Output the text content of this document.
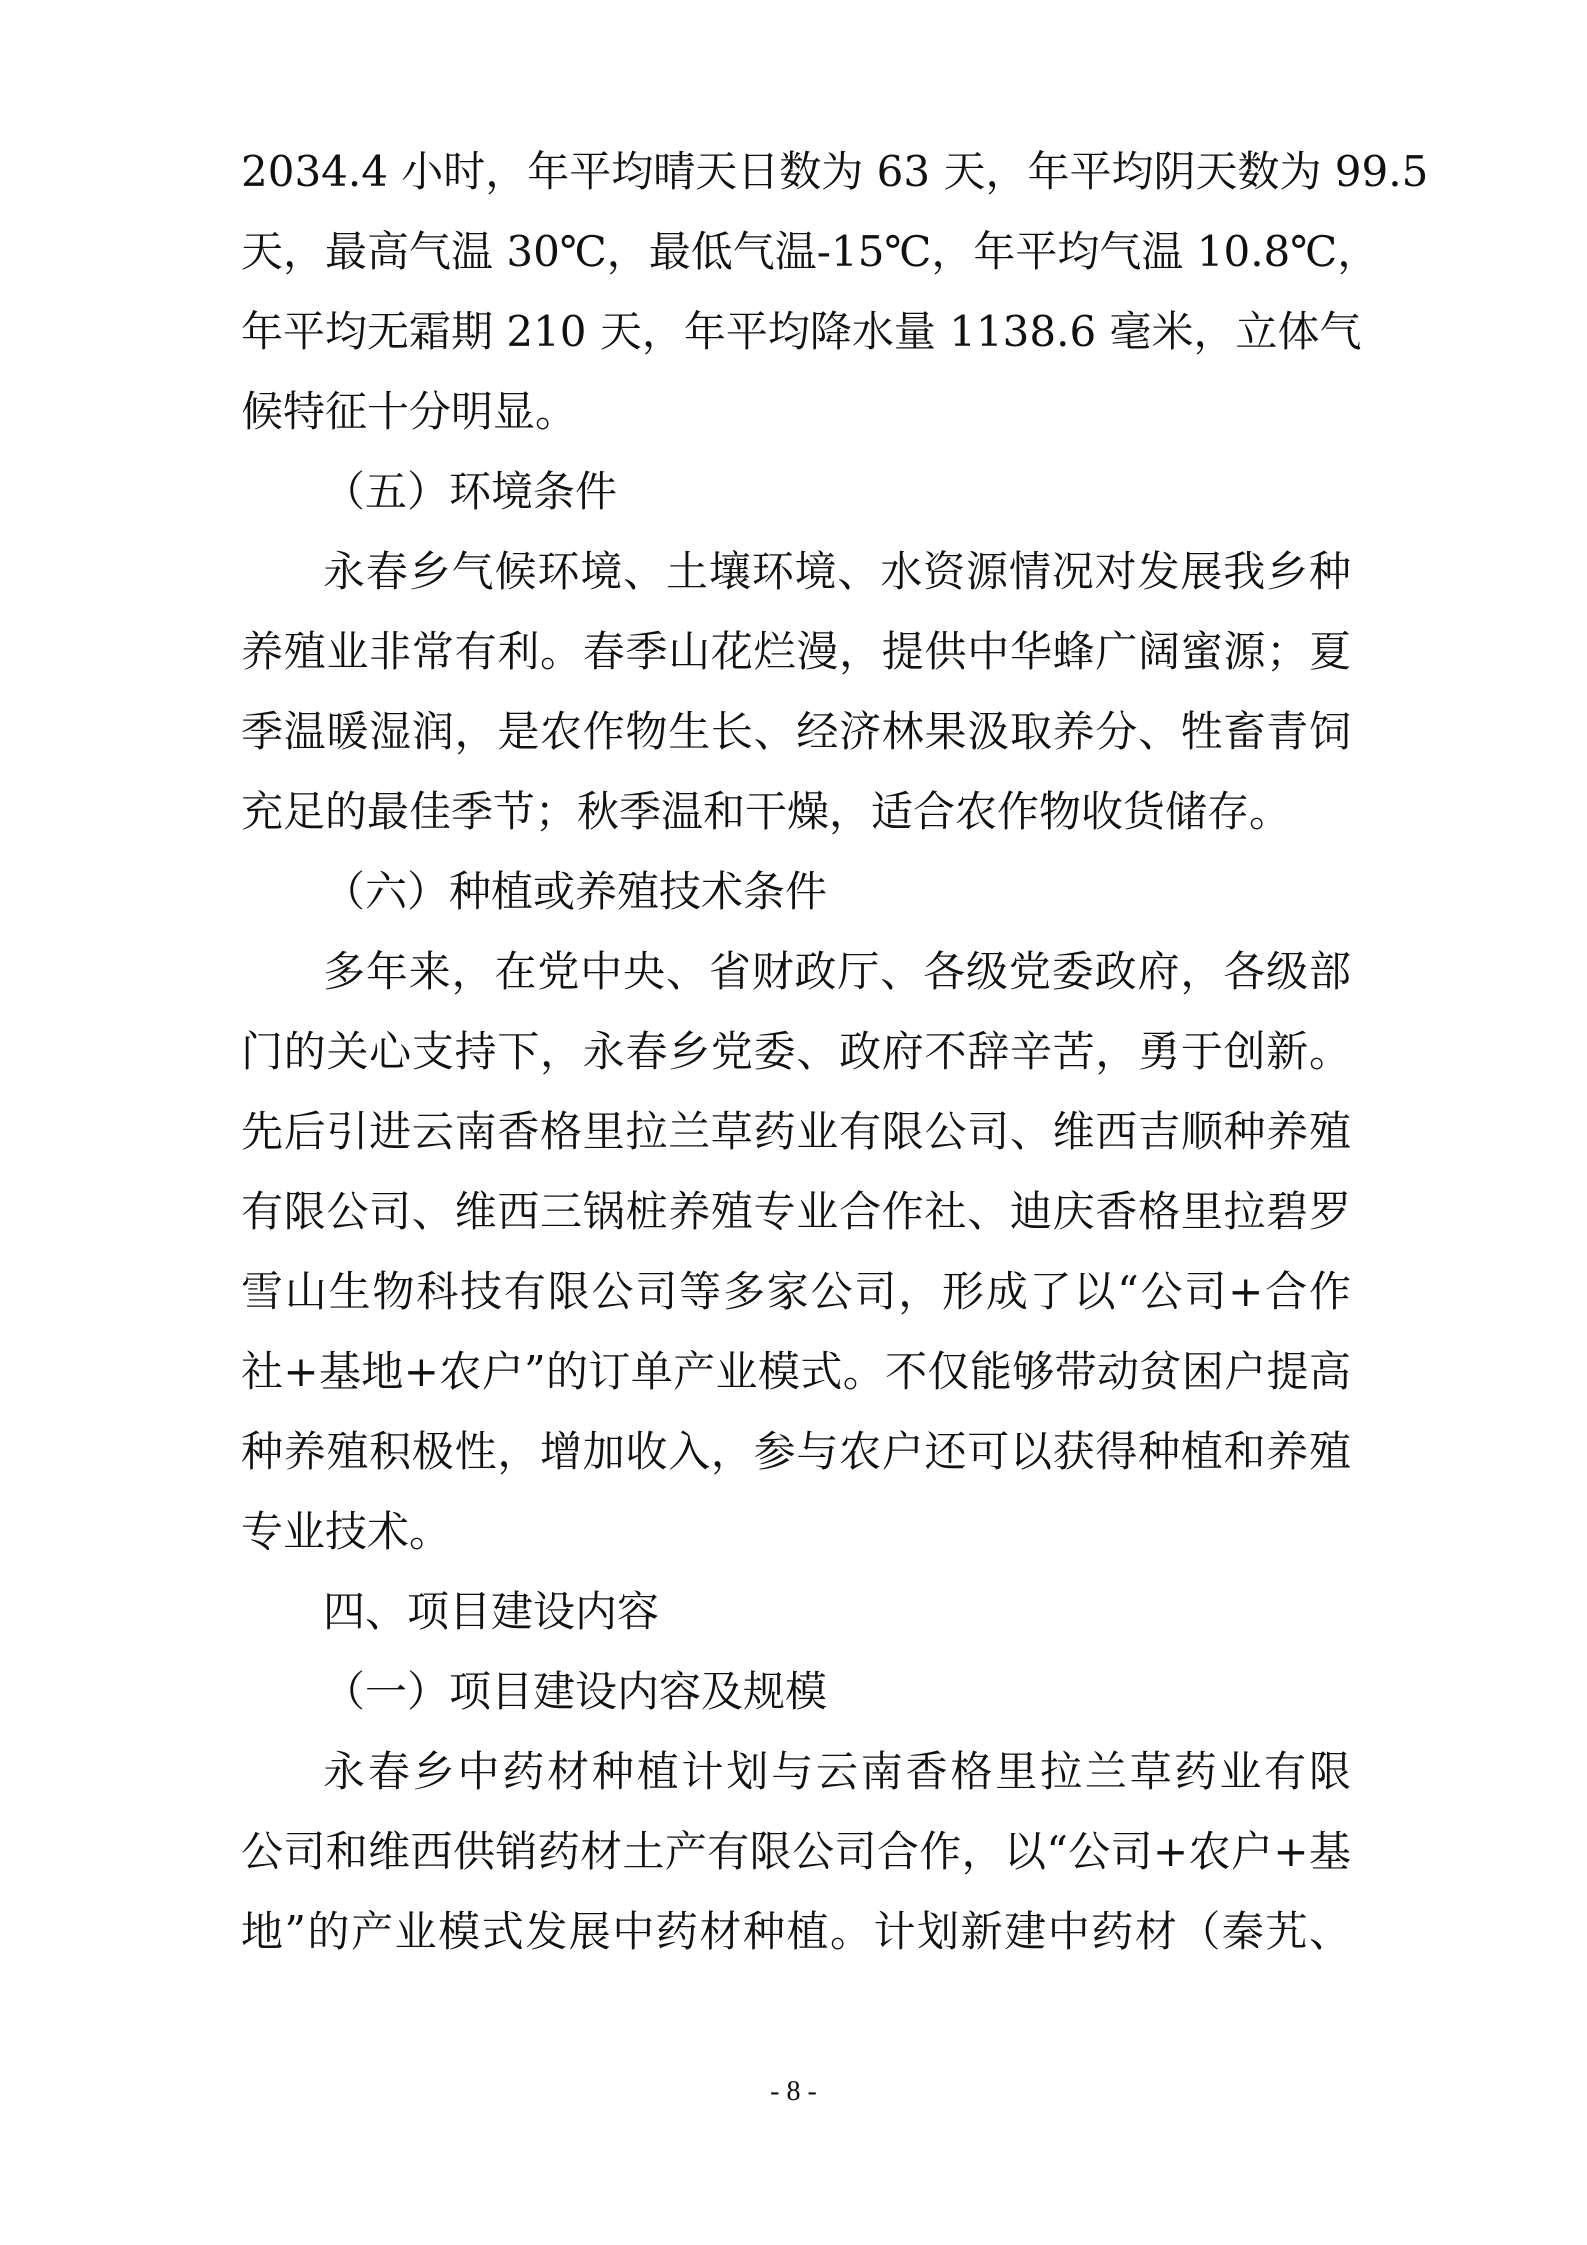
2034.4 小时，年平均晴天日数为 63 天，年平均阴天数为 99.5
天，最高气温 30℃，最低气温-15℃，年平均气温 10.8℃，
年平均无霜期 210 天，年平均降水量 1138.6 毫米，立体气
候特征十分明显。
（五）环境条件
永春乡气候环境、土壤环境、水资源情况对发展我乡种
养殖业非常有利。春季山花烂漫，提供中华蜂广阔蜜源；夏
季温暖湿润，是农作物生长、经济林果汲取养分、牲畜青饲
充足的最佳季节；秋季温和干燥，适合农作物收货储存。
（六）种植或养殖技术条件
多年来，在党中央、省财政厅、各级党委政府，各级部
门的关心支持下，永春乡党委、政府不辞辛苦，勇于创新。
先后引进云南香格里拉兰草药业有限公司、维西吉顺种养殖
有限公司、维西三锅桩养殖专业合作社、迪庆香格里拉碧罗
雪山生物科技有限公司等多家公司，形成了以“公司+合作
社+基地+农户”的订单产业模式。不仅能够带动贫困户提高
种养殖积极性，增加收入，参与农户还可以获得种植和养殖
专业技术。
四、项目建设内容
（一）项目建设内容及规模
永春乡中药材种植计划与云南香格里拉兰草药业有限
公司和维西供销药材土产有限公司合作，以“公司+农户+基
地”的产业模式发展中药材种植。计划新建中药材（秦艽、
- 8 -
